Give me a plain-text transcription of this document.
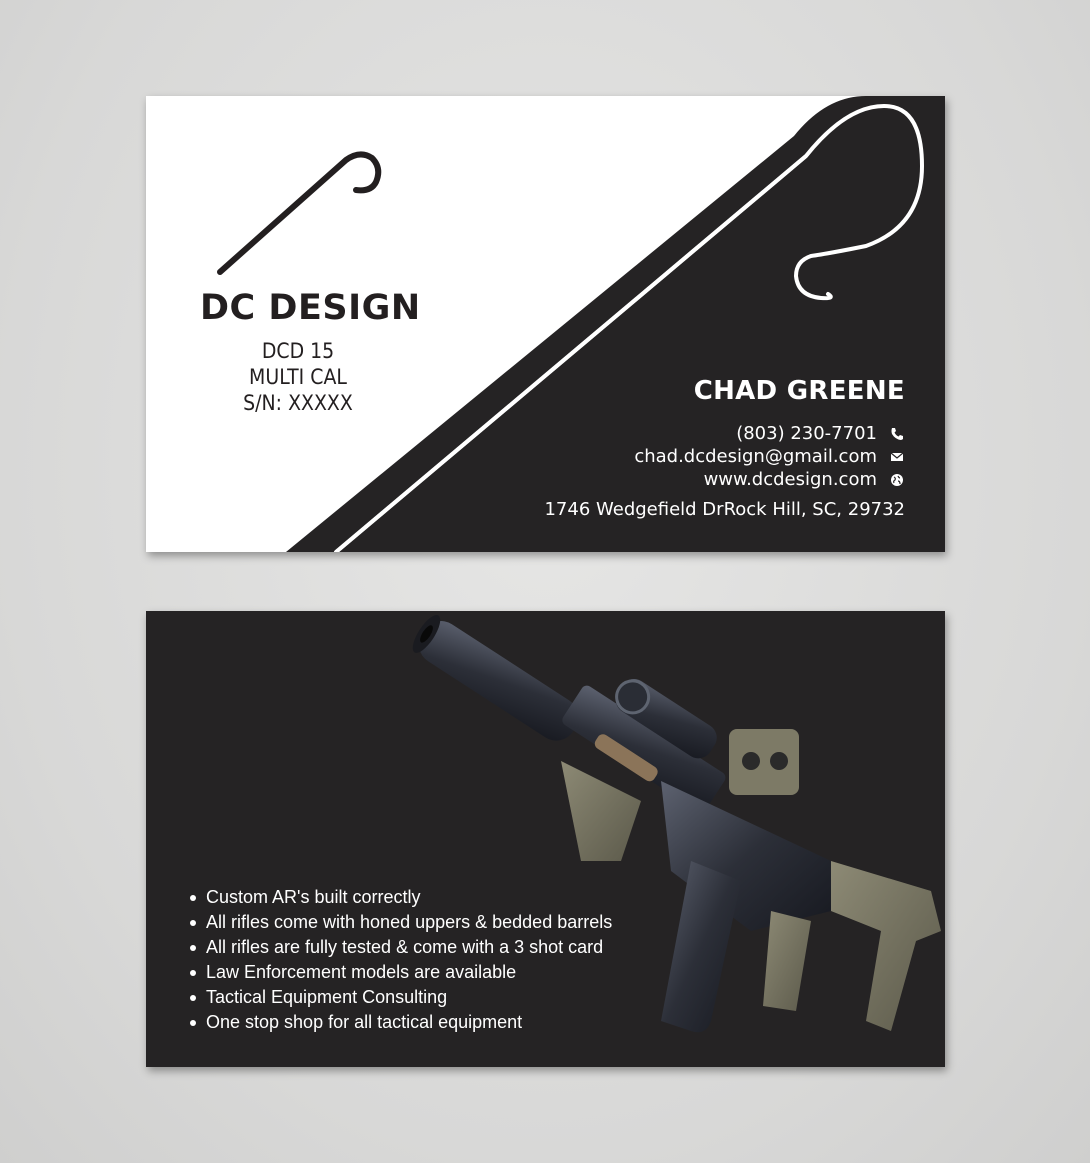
DC DESIGN
DCD 15
MULTI CAL
S/N: XXXXX	CHAD GREENE
(803) 230-7701
chad.dcdesign@gmail.com
www.dcdesign.com
1746 Wedgefield DrRock Hill, SC, 29732
Custom AR's built correctly
All rifles come with honed uppers & bedded barrels
All rifles are fully tested & come with a 3 shot card
Law Enforcement models are available
Tactical Equipment Consulting
One stop shop for all tactical equipment
